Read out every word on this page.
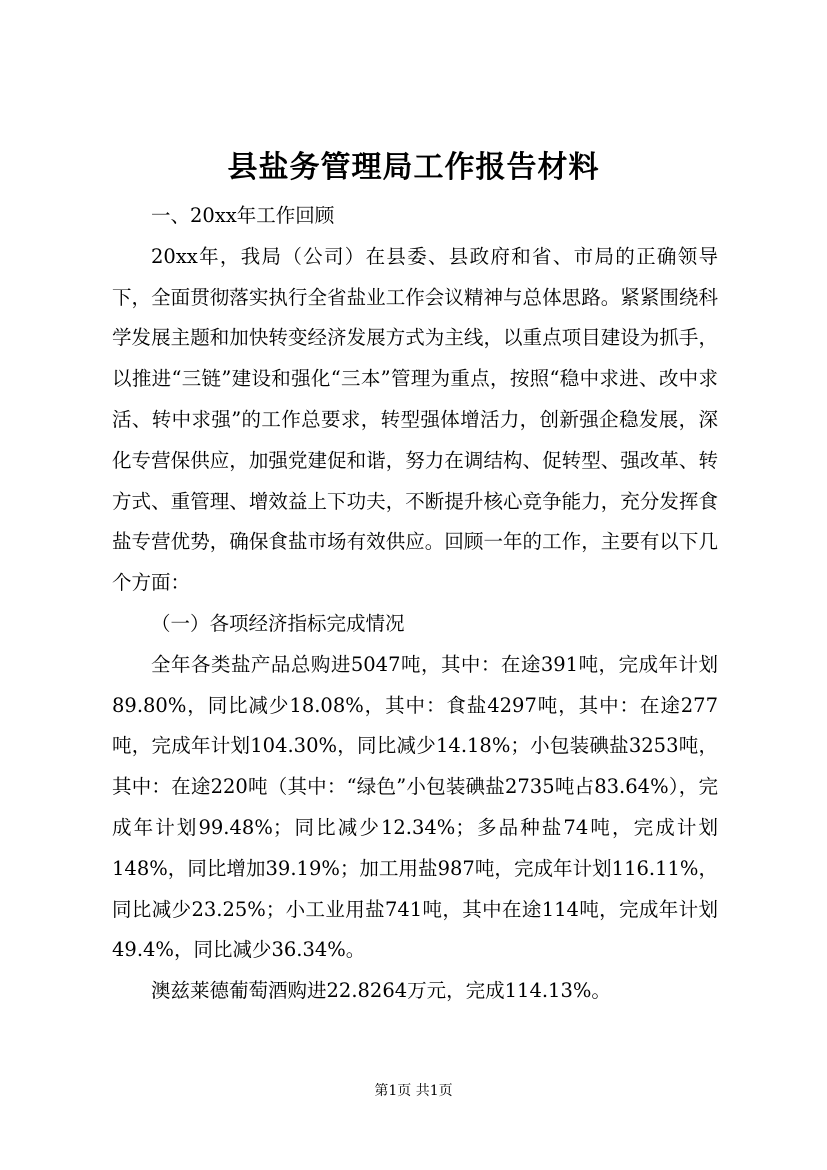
县盐务管理局工作报告材料

一、20xx年工作回顾

20xx年，我局（公司）在县委、县政府和省、市局的正确领导下，全面贯彻落实执行全省盐业工作会议精神与总体思路。紧紧围绕科学发展主题和加快转变经济发展方式为主线，以重点项目建设为抓手，以推进“三链”建设和强化“三本”管理为重点，按照“稳中求进、改中求活、转中求强”的工作总要求，转型强体增活力，创新强企稳发展，深化专营保供应，加强党建促和谐，努力在调结构、促转型、强改革、转方式、重管理、增效益上下功夫，不断提升核心竞争能力，充分发挥食盐专营优势，确保食盐市场有效供应。回顾一年的工作，主要有以下几个方面：

（一）各项经济指标完成情况

全年各类盐产品总购进5047吨，其中：在途391吨，完成年计划89.80%，同比减少18.08%，其中：食盐4297吨，其中：在途277吨，完成年计划104.30%，同比减少14.18%；小包装碘盐3253吨，其中：在途220吨（其中：“绿色”小包装碘盐2735吨占83.64%），完成年计划99.48%；同比减少12.34%；多品种盐74吨，完成计划148%，同比增加39.19%；加工用盐987吨，完成年计划116.11%，同比减少23.25%；小工业用盐741吨，其中在途114吨，完成年计划49.4%，同比减少36.34%。

澳兹莱德葡萄酒购进22.8264万元，完成114.13%。

第1页 共1页
